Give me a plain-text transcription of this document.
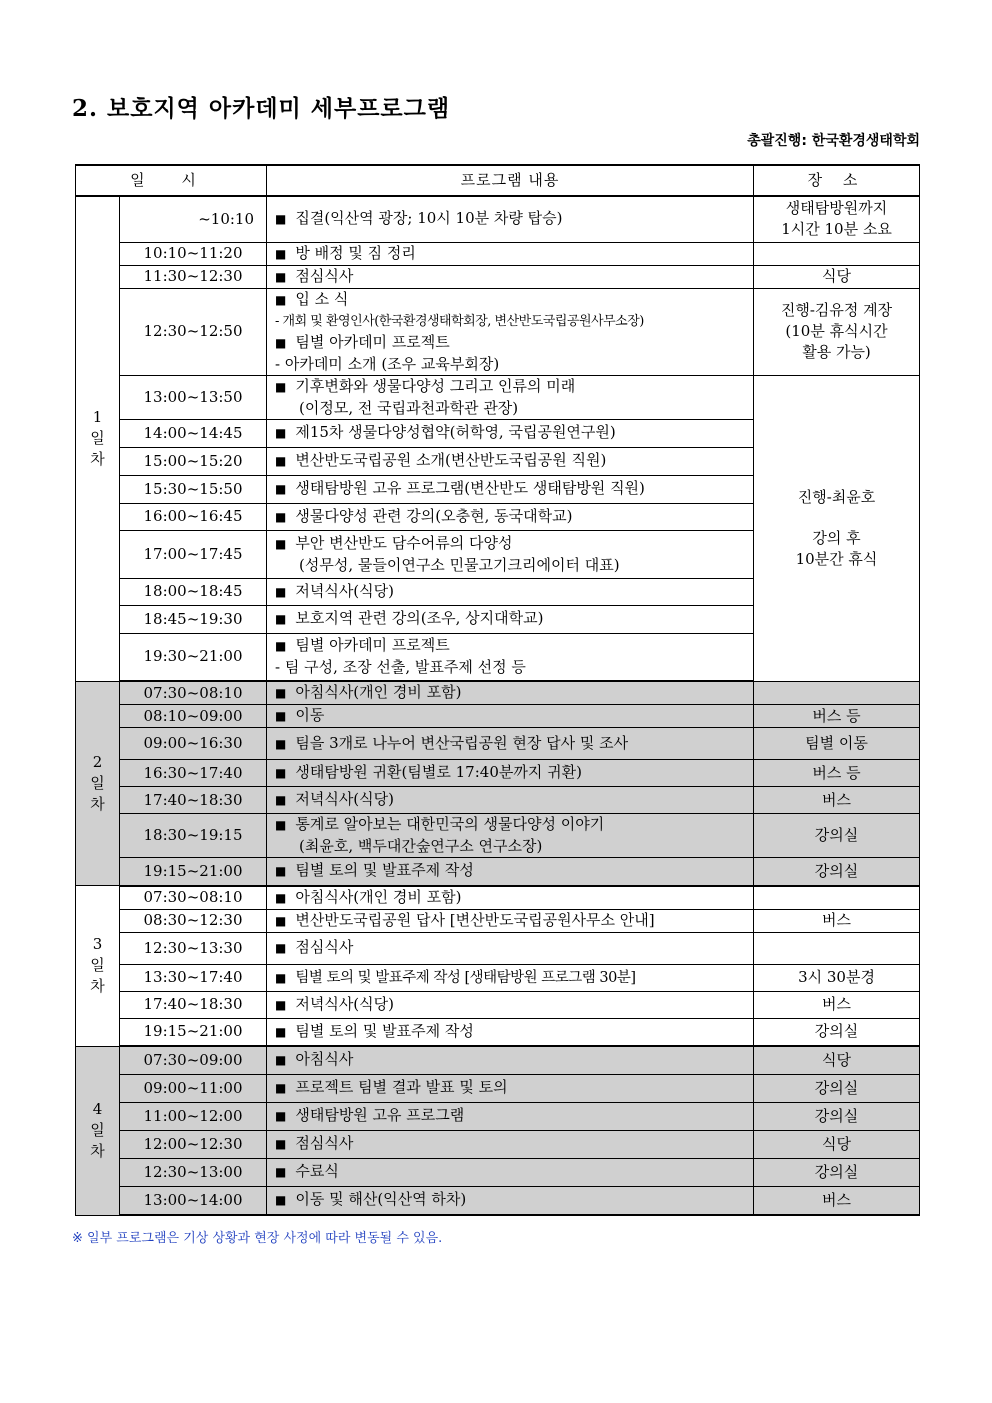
2. 보호지역 아카데미 세부프로그램
총괄진행: 한국환경생태학회
일 시		프로그램 내용	장 소
1
일
차	~10:10	■ 집결(익산역 광장; 10시 10분 차량 탑승)	생태탐방원까지
1시간 10분 소요

	10:10~11:20	■ 방 배정 및 짐 정리	
	11:30~12:30	■ 점심식사	식당
	12:30~12:50	■ 입 소 식
- 개회 및 환영인사(한국환경생태학회장, 변산반도국립공원사무소장)
■ 팀별 아카데미 프로젝트
- 아카데미 소개 (조우 교육부회장)	진행-김유정 계장
(10분 휴식시간
활용 가능)

	13:00~13:50	■ 기후변화와 생물다양성 그리고 인류의 미래
(이정모, 전 국립과천과학관 관장)	진행-최윤호
강의 후
10분간 휴식

	14:00~14:45	■ 제15차 생물다양성협약(허학영, 국립공원연구원)	
	15:00~15:20	■ 변산반도국립공원 소개(변산반도국립공원 직원)	
	15:30~15:50	■ 생태탐방원 고유 프로그램(변산반도 생태탐방원 직원)	
	16:00~16:45	■ 생물다양성 관련 강의(오충현, 동국대학교)	
	17:00~17:45	■ 부안 변산반도 담수어류의 다양성
(성무성, 물들이연구소 민물고기크리에이터 대표)	

	18:00~18:45	■ 저녁식사(식당)	
	18:45~19:30	■ 보호지역 관련 강의(조우, 상지대학교)	
	19:30~21:00	■ 팀별 아카데미 프로젝트
- 팀 구성, 조장 선출, 발표주제 선정 등	

2
일
차	07:30~08:10	■ 아침식사(개인 경비 포함)	
	08:10~09:00	■ 이동	버스 등
	09:00~16:30	■ 팀을 3개로 나누어 변산국립공원 현장 답사 및 조사	팀별 이동
	16:30~17:40	■ 생태탐방원 귀환(팀별로 17:40분까지 귀환)	버스 등
	17:40~18:30	■ 저녁식사(식당)	버스
	18:30~19:15	■ 통계로 알아보는 대한민국의 생물다양성 이야기
(최윤호, 백두대간숲연구소 연구소장)	강의실
	19:15~21:00	■ 팀별 토의 및 발표주제 작성	강의실
3
일
차	07:30~08:10	■ 아침식사(개인 경비 포함)	
	08:30~12:30	■ 변산반도국립공원 답사 [변산반도국립공원사무소 안내]	버스
	12:30~13:30	■ 점심식사	
	13:30~17:40	■ 팀별 토의 및 발표주제 작성 [생태탐방원 프로그램 30분]	3시 30분경
	17:40~18:30	■ 저녁식사(식당)	버스
	19:15~21:00	■ 팀별 토의 및 발표주제 작성	강의실
4
일
차	07:30~09:00	■ 아침식사	식당
	09:00~11:00	■ 프로젝트 팀별 결과 발표 및 토의	강의실
	11:00~12:00	■ 생태탐방원 고유 프로그램	강의실
	12:00~12:30	■ 점심식사	식당
	12:30~13:00	■ 수료식	강의실
	13:00~14:00	■ 이동 및 해산(익산역 하차)	버스
※ 일부 프로그램은 기상 상황과 현장 사정에 따라 변동될 수 있음.
